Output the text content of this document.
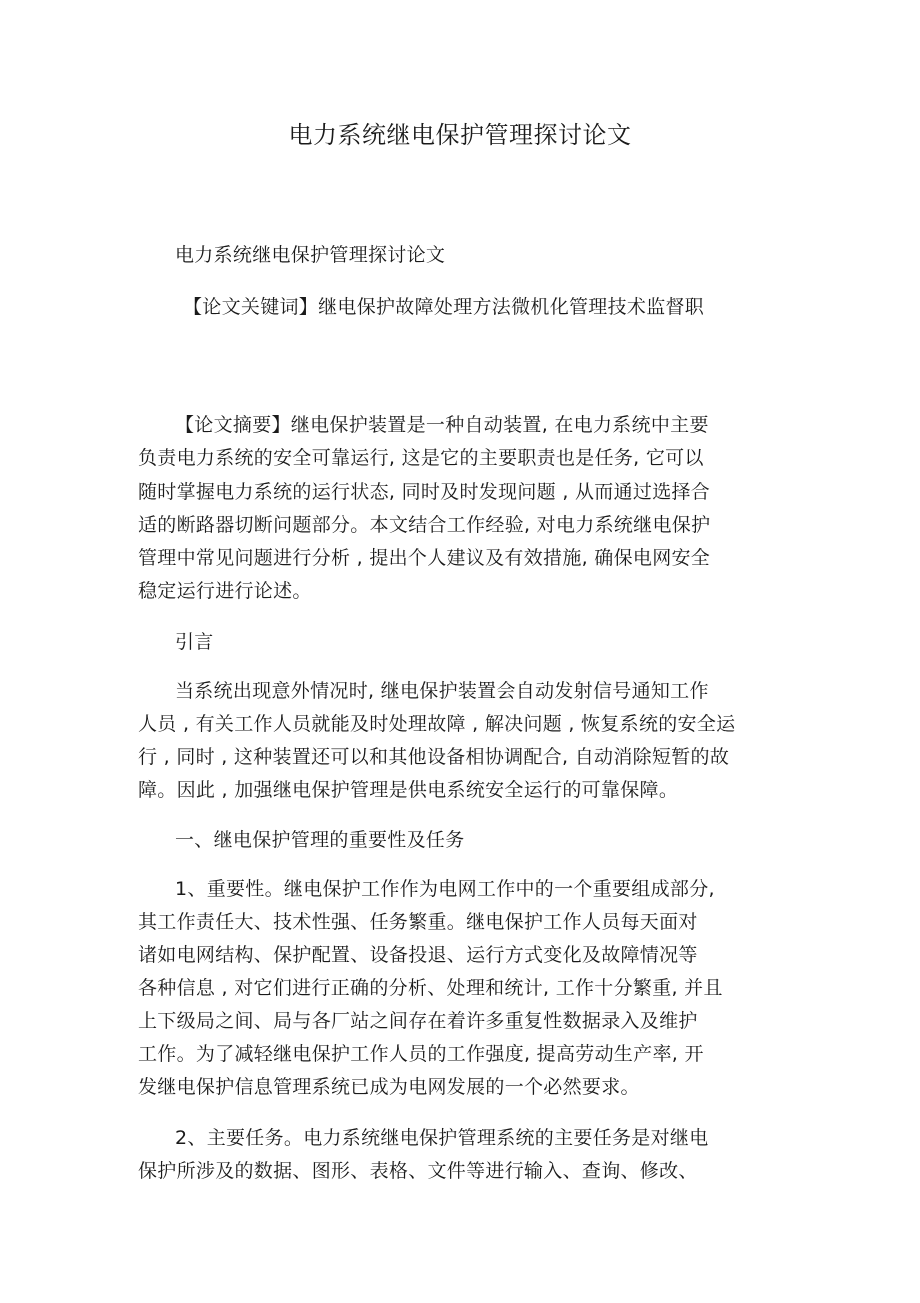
电力系统继电保护管理探讨论文

电力系统继电保护管理探讨论文

【论文关键词】继电保护故障处理方法微机化管理技术监督职

【论文摘要】继电保护装置是一种自动装置, 在电力系统中主要

负责电力系统的安全可靠运行, 这是它的主要职责也是任务, 它可以

随时掌握电力系统的运行状态, 同时及时发现问题 , 从而通过选择合

适的断路器切断问题部分。本文结合工作经验, 对电力系统继电保护

管理中常见问题进行分析 , 提出个人建议及有效措施, 确保电网安全

稳定运行进行论述。

引言

当系统出现意外情况时, 继电保护装置会自动发射信号通知工作

人员 , 有关工作人员就能及时处理故障 , 解决问题 , 恢复系统的安全运

行 , 同时 , 这种装置还可以和其他设备相协调配合, 自动消除短暂的故

障。因此 , 加强继电保护管理是供电系统安全运行的可靠保障。

一、继电保护管理的重要性及任务

1、重要性。继电保护工作作为电网工作中的一个重要组成部分,

其工作责任大、技术性强、任务繁重。继电保护工作人员每天面对

诸如电网结构、保护配置、设备投退、运行方式变化及故障情况等

各种信息 , 对它们进行正确的分析、处理和统计, 工作十分繁重, 并且

上下级局之间、局与各厂站之间存在着许多重复性数据录入及维护

工作。为了减轻继电保护工作人员的工作强度, 提高劳动生产率, 开

发继电保护信息管理系统已成为电网发展的一个必然要求。

2、主要任务。电力系统继电保护管理系统的主要任务是对继电

保护所涉及的数据、图形、表格、文件等进行输入、查询、修改、
